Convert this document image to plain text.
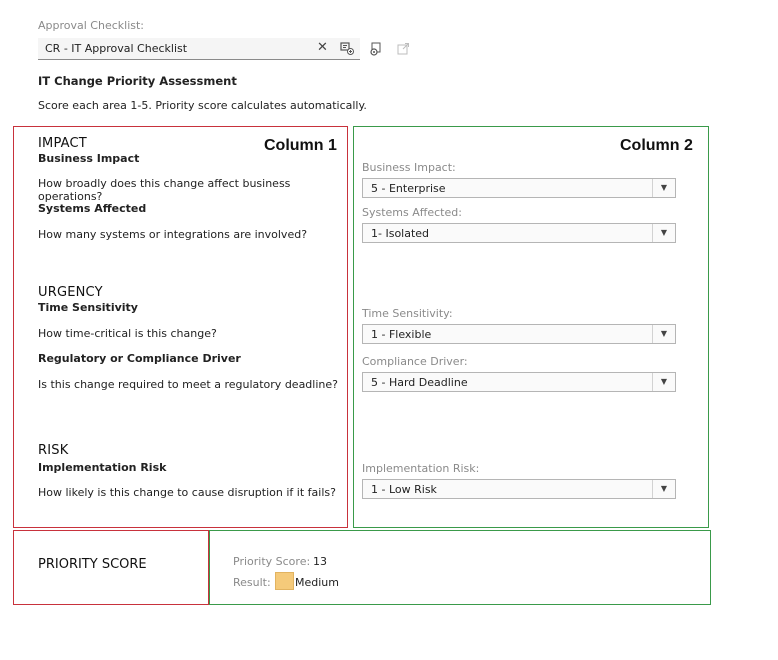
Approval Checklist:
CR - IT Approval Checklist	✕
IT Change Priority Assessment
Score each area 1-5. Priority score calculates automatically.
Column 1
IMPACT
Business Impact
How broadly does this change affect business operations?
Systems Affected
How many systems or integrations are involved?
URGENCY
Time Sensitivity
How time-critical is this change?
Regulatory or Compliance Driver
Is this change required to meet a regulatory deadline?
RISK
Implementation Risk
How likely is this change to cause disruption if it fails?
Column 2
Business Impact:
5 - Enterprise	▼
Systems Affected:
1- Isolated	▼
Time Sensitivity:
1 - Flexible	▼
Compliance Driver:
5 - Hard Deadline	▼
Implementation Risk:
1 - Low Risk	▼
PRIORITY SCORE	Priority Score: 13
Result: Medium
